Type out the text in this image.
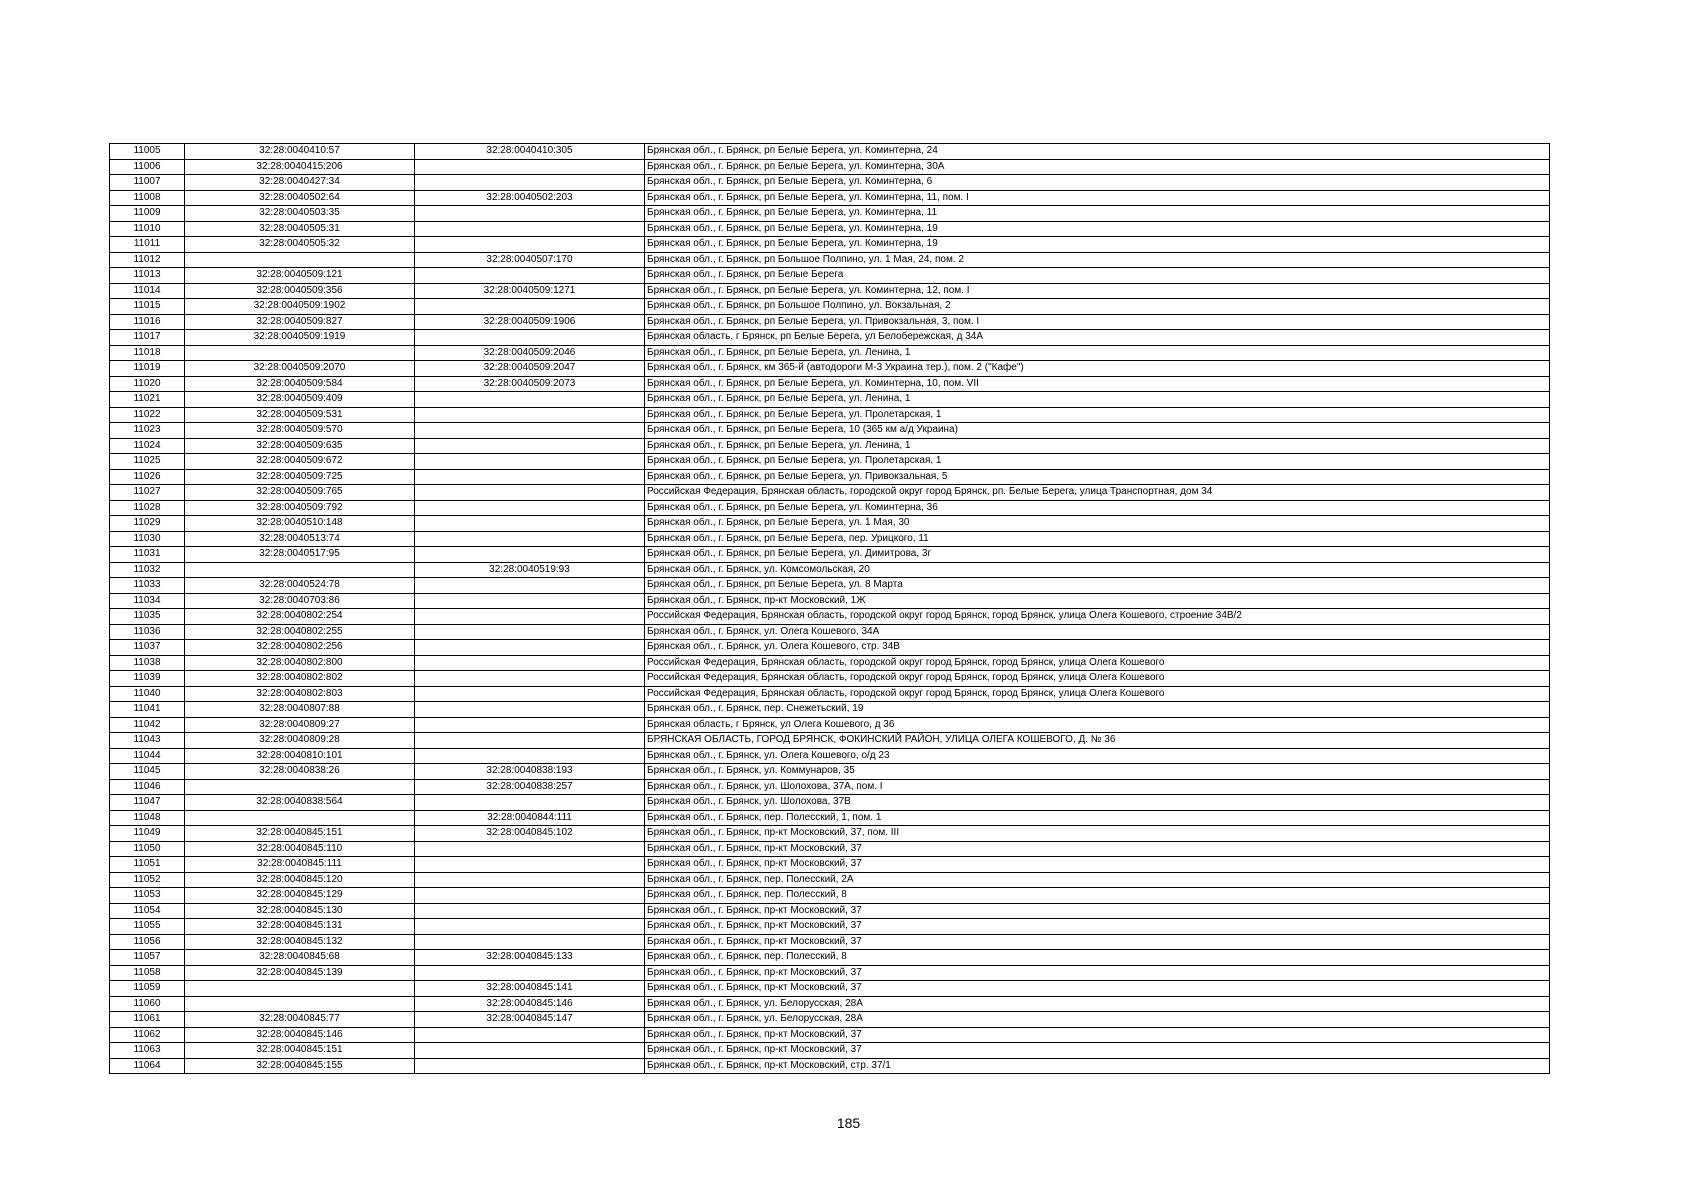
11005	32:28:0040410:57	32:28:0040410:305	Брянская обл., г. Брянск, рп Белые Берега, ул. Коминтерна, 24
11006	32:28:0040415:206		Брянская обл., г. Брянск, рп Белые Берега, ул. Коминтерна, 30А
11007	32:28:0040427:34		Брянская обл., г. Брянск, рп Белые Берега, ул. Коминтерна, 6
11008	32:28:0040502:64	32:28:0040502:203	Брянская обл., г. Брянск, рп Белые Берега, ул. Коминтерна, 11, пом. I
11009	32:28:0040503:35		Брянская обл., г. Брянск, рп Белые Берега, ул. Коминтерна, 11
11010	32:28:0040505:31		Брянская обл., г. Брянск, рп Белые Берега, ул. Коминтерна, 19
11011	32:28:0040505:32		Брянская обл., г. Брянск, рп Белые Берега, ул. Коминтерна, 19
11012		32:28:0040507:170	Брянская обл., г. Брянск, рп Большое Полпино, ул. 1 Мая, 24, пом. 2
11013	32:28:0040509:121		Брянская обл., г. Брянск, рп Белые Берега
11014	32:28:0040509:356	32:28:0040509:1271	Брянская обл., г. Брянск, рп Белые Берега, ул. Коминтерна, 12, пом. I
11015	32:28:0040509:1902		Брянская обл., г. Брянск, рп Большое Полпино, ул. Вокзальная, 2
11016	32:28:0040509:827	32:28:0040509:1906	Брянская обл., г. Брянск, рп Белые Берега, ул. Привокзальная, 3, пом. I
11017	32:28:0040509:1919		Брянская область, г Брянск, рп Белые Берега, ул Белобережская, д 34А
11018		32:28:0040509:2046	Брянская обл., г. Брянск, рп Белые Берега, ул. Ленина, 1
11019	32:28:0040509:2070	32:28:0040509:2047	Брянская обл., г. Брянск, км 365-й (автодороги М-3 Украина тер.), пом. 2 ("Кафе")
11020	32:28:0040509:584	32:28:0040509:2073	Брянская обл., г. Брянск, рп Белые Берега, ул. Коминтерна, 10, пом. VII
11021	32:28:0040509:409		Брянская обл., г. Брянск, рп Белые Берега, ул. Ленина, 1
11022	32:28:0040509:531		Брянская обл., г. Брянск, рп Белые Берега, ул. Пролетарская, 1
11023	32:28:0040509:570		Брянская обл., г. Брянск, рп Белые Берега, 10 (365 км а/д Украина)
11024	32:28:0040509:635		Брянская обл., г. Брянск, рп Белые Берега, ул. Ленина, 1
11025	32:28:0040509:672		Брянская обл., г. Брянск, рп Белые Берега, ул. Пролетарская, 1
11026	32:28:0040509:725		Брянская обл., г. Брянск, рп Белые Берега, ул. Привокзальная, 5
11027	32:28:0040509:765		Российская Федерация, Брянская область, городской округ город Брянск, рп. Белые Берега, улица Транспортная, дом 34
11028	32:28:0040509:792		Брянская обл., г. Брянск, рп Белые Берега, ул. Коминтерна, 36
11029	32:28:0040510:148		Брянская обл., г. Брянск, рп Белые Берега, ул. 1 Мая, 30
11030	32:28:0040513:74		Брянская обл., г. Брянск, рп Белые Берега, пер. Урицкого, 11
11031	32:28:0040517:95		Брянская обл., г. Брянск, рп Белые Берега, ул. Димитрова, 3г
11032		32:28:0040519:93	Брянская обл., г. Брянск, ул. Комсомольская, 20
11033	32:28:0040524:78		Брянская обл., г. Брянск, рп Белые Берега, ул. 8 Марта
11034	32:28:0040703:86		Брянская обл., г. Брянск, пр-кт Московский, 1Ж
11035	32:28:0040802:254		Российская Федерация, Брянская область, городской округ город Брянск, город Брянск, улица Олега Кошевого, строение 34В/2
11036	32:28:0040802:255		Брянская обл., г. Брянск, ул. Олега Кошевого, 34А
11037	32:28:0040802:256		Брянская обл., г. Брянск, ул. Олега Кошевого, стр. 34В
11038	32:28:0040802:800		Российская Федерация, Брянская область, городской округ город Брянск, город Брянск, улица Олега Кошевого
11039	32:28:0040802:802		Российская Федерация, Брянская область, городской округ город Брянск, город Брянск, улица Олега Кошевого
11040	32:28:0040802:803		Российская Федерация, Брянская область, городской округ город Брянск, город Брянск, улица Олега Кошевого
11041	32:28:0040807:88		Брянская обл., г. Брянск, пер. Снежетьский, 19
11042	32:28:0040809:27		Брянская область, г Брянск, ул Олега Кошевого, д 36
11043	32:28:0040809:28		БРЯНСКАЯ ОБЛАСТЬ, ГОРОД БРЯНСК, ФОКИНСКИЙ РАЙОН, УЛИЦА ОЛЕГА КОШЕВОГО, Д. № 36
11044	32:28:0040810:101		Брянская обл., г. Брянск, ул. Олега Кошевого, о/д 23
11045	32:28:0040838:26	32:28:0040838:193	Брянская обл., г. Брянск, ул. Коммунаров, 35
11046		32:28:0040838:257	Брянская обл., г. Брянск, ул. Шолохова, 37А, пом. I
11047	32:28:0040838:564		Брянская обл., г. Брянск, ул. Шолохова, 37В
11048		32:28:0040844:111	Брянская обл., г. Брянск, пер. Полесский, 1, пом. 1
11049	32:28:0040845:151	32:28:0040845:102	Брянская обл., г. Брянск, пр-кт Московский, 37, пом. III
11050	32:28:0040845:110		Брянская обл., г. Брянск, пр-кт Московский, 37
11051	32:28:0040845:111		Брянская обл., г. Брянск, пр-кт Московский, 37
11052	32:28:0040845:120		Брянская обл., г. Брянск, пер. Полесский, 2А
11053	32:28:0040845:129		Брянская обл., г. Брянск, пер. Полесский, 8
11054	32:28:0040845:130		Брянская обл., г. Брянск, пр-кт Московский, 37
11055	32:28:0040845:131		Брянская обл., г. Брянск, пр-кт Московский, 37
11056	32:28:0040845:132		Брянская обл., г. Брянск, пр-кт Московский, 37
11057	32:28:0040845:68	32:28:0040845:133	Брянская обл., г. Брянск, пер. Полесский, 8
11058	32:28:0040845:139		Брянская обл., г. Брянск, пр-кт Московский, 37
11059		32:28:0040845:141	Брянская обл., г. Брянск, пр-кт Московский, 37
11060		32:28:0040845:146	Брянская обл., г. Брянск, ул. Белорусская, 28А
11061	32:28:0040845:77	32:28:0040845:147	Брянская обл., г. Брянск, ул. Белорусская, 28А
11062	32:28:0040845:146		Брянская обл., г. Брянск, пр-кт Московский, 37
11063	32:28:0040845:151		Брянская обл., г. Брянск, пр-кт Московский, 37
11064	32:28:0040845:155		Брянская обл., г. Брянск, пр-кт Московский, стр. 37/1
185
